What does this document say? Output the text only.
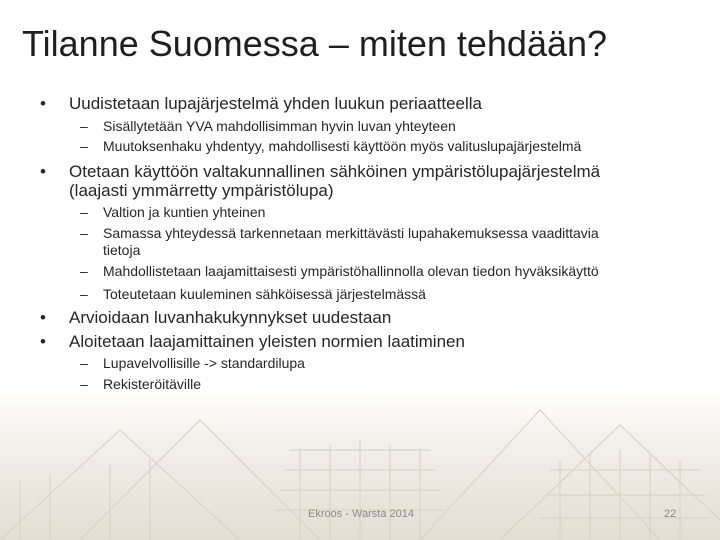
Tilanne Suomessa – miten tehdään?
•	Uudistetaan lupajärjestelmä yhden luukun periaatteella
–	Sisällytetään YVA mahdollisimman hyvin luvan yhteyteen
–	Muutoksenhaku yhdentyy, mahdollisesti käyttöön myös valituslupajärjestelmä
•	Otetaan käyttöön valtakunnallinen sähköinen ympäristölupajärjestelmä
(laajasti ymmärretty ympäristölupa)
–	Valtion ja kuntien yhteinen
–	Samassa yhteydessä tarkennetaan merkittävästi lupahakemuksessa vaadittavia
tietoja
–	Mahdollistetaan laajamittaisesti ympäristöhallinnolla olevan tiedon hyväksikäyttö
–	Toteutetaan kuuleminen sähköisessä järjestelmässä
•	Arvioidaan luvanhakukynnykset uudestaan
•	Aloitetaan laajamittainen yleisten normien laatiminen
–	Lupavelvollisille -> standardilupa
–	Rekisteröitäville
Ekroos - Warsta 2014	22
